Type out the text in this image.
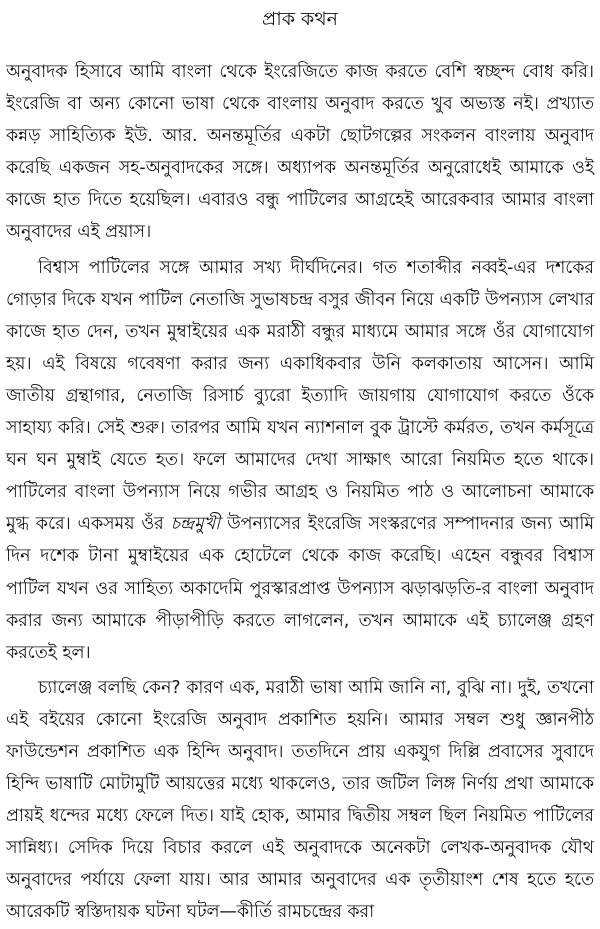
প্রাক কথন

অনুবাদক হিসাবে আমি বাংলা থেকে ইংরেজিতে কাজ করতে বেশি স্বচ্ছন্দ বোধ করি। ইংরেজি বা অন্য কোনো ভাষা থেকে বাংলায় অনুবাদ করতে খুব অভ্যস্ত নই। প্রখ্যাত কন্নড় সাহিত্যিক ইউ. আর. অনন্তমূর্তির একটা ছোটগল্পের সংকলন বাংলায় অনুবাদ করেছি একজন সহ-অনুবাদকের সঙ্গে। অধ্যাপক অনন্তমূর্তির অনুরোধেই আমাকে ওই কাজে হাত দিতে হয়েছিল। এবারও বন্ধু পাটিলের আগ্রহেই আরেকবার আমার বাংলা অনুবাদের এই প্রয়াস।

বিশ্বাস পাটিলের সঙ্গে আমার সখ্য দীর্ঘদিনের। গত শতাব্দীর নব্বই-এর দশকের গোড়ার দিকে যখন পাটিল নেতাজি সুভাষচন্দ্র বসুর জীবন নিয়ে একটি উপন্যাস লেখার কাজে হাত দেন, তখন মুম্বাইয়ের এক মরাঠী বন্ধুর মাধ্যমে আমার সঙ্গে ওঁর যোগাযোগ হয়। এই বিষয়ে গবেষণা করার জন্য একাধিকবার উনি কলকাতায় আসেন। আমি জাতীয় গ্রন্থাগার, নেতাজি রিসার্চ ব্যুরো ইত্যাদি জায়গায় যোগাযোগ করতে ওঁকে সাহায্য করি। সেই শুরু। তারপর আমি যখন ন্যাশনাল বুক ট্রাস্টে কর্মরত, তখন কর্মসূত্রে ঘন ঘন মুম্বাই যেতে হত। ফলে আমাদের দেখা সাক্ষাৎ আরো নিয়মিত হতে থাকে। পাটিলের বাংলা উপন্যাস নিয়ে গভীর আগ্রহ ও নিয়মিত পাঠ ও আলোচনা আমাকে মুগ্ধ করে। একসময় ওঁর চন্দ্রমুখী উপন্যাসের ইংরেজি সংস্করণের সম্পাদনার জন্য আমি দিন দশেক টানা মুম্বাইয়ের এক হোটেলে থেকে কাজ করেছি। এহেন বন্ধুবর বিশ্বাস পাটিল যখন ওর সাহিত্য অকাদেমি পুরস্কারপ্রাপ্ত উপন্যাস ঝড়াঝড়তি-র বাংলা অনুবাদ করার জন্য আমাকে পীড়াপীড়ি করতে লাগলেন, তখন আমাকে এই চ্যালেঞ্জ গ্রহণ করতেই হল।

চ্যালেঞ্জ বলছি কেন? কারণ এক, মরাঠী ভাষা আমি জানি না, বুঝি না। দুই, তখনো এই বইয়ের কোনো ইংরেজি অনুবাদ প্রকাশিত হয়নি। আমার সম্বল শুধু জ্ঞানপীঠ ফাউন্ডেশন প্রকাশিত এক হিন্দি অনুবাদ। ততদিনে প্রায় একযুগ দিল্লি প্রবাসের সুবাদে হিন্দি ভাষাটি মোটামুটি আয়ত্তের মধ্যে থাকলেও, তার জটিল লিঙ্গ নির্ণয় প্রথা আমাকে প্রায়ই ধন্দের মধ্যে ফেলে দিত। যাই হোক, আমার দ্বিতীয় সম্বল ছিল নিয়মিত পাটিলের সান্নিধ্য। সেদিক দিয়ে বিচার করলে এই অনুবাদকে অনেকটা লেখক-অনুবাদক যৌথ অনুবাদের পর্যায়ে ফেলা যায়। আর আমার অনুবাদের এক তৃতীয়াংশ শেষ হতে হতে আরেকটি স্বস্তিদায়ক ঘটনা ঘটল—কীর্তি রামচন্দ্রের করা
